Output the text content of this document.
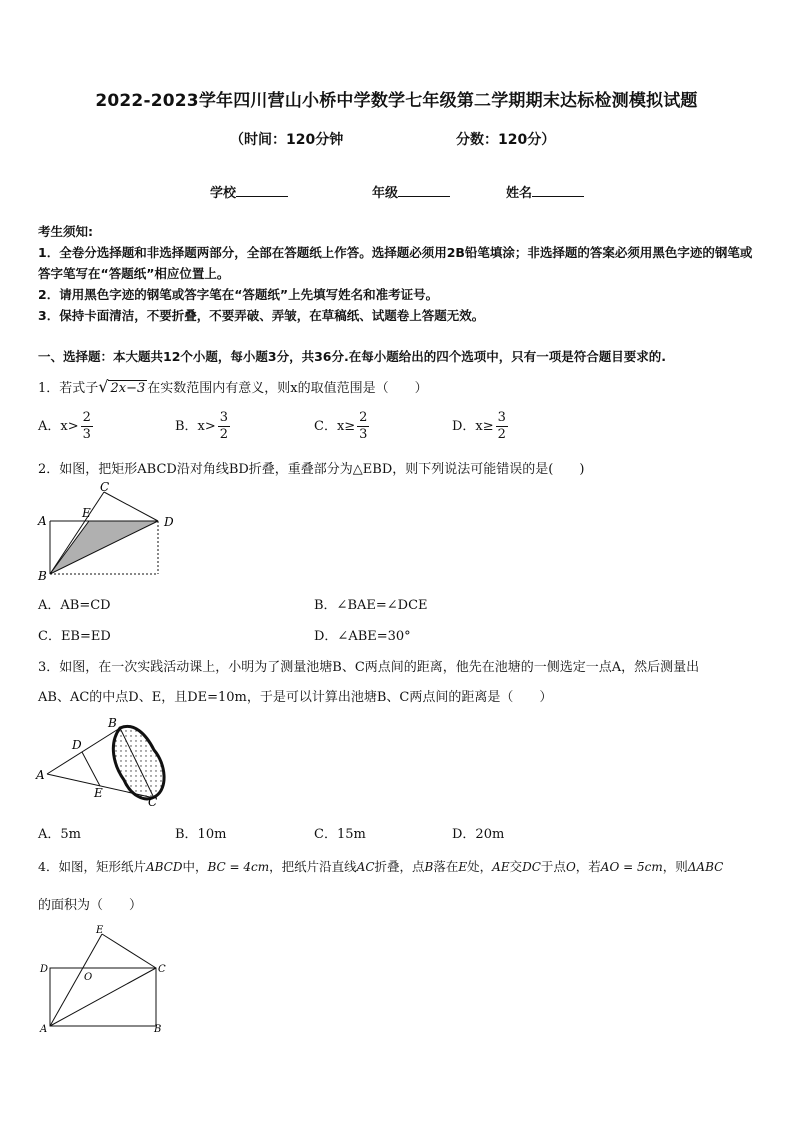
2022-2023学年四川营山小桥中学数学七年级第二学期期末达标检测模拟试题
（时间：120分钟	分数：120分）
学校	年级	姓名
考生须知:
1．全卷分选择题和非选择题两部分，全部在答题纸上作答。选择题必须用2B铅笔填涂；非选择题的答案必须用黑色字迹的钢笔或答字笔写在“答题纸”相应位置上。
2．请用黑色字迹的钢笔或答字笔在“答题纸”上先填写姓名和准考证号。
3．保持卡面清洁，不要折叠，不要弄破、弄皱，在草稿纸、试题卷上答题无效。
一、选择题：本大题共12个小题，每小题3分，共36分.在每小题给出的四个选项中，只有一项是符合题目要求的.
1．若式子√ 2x−3 在实数范围内有意义，则x的取值范围是（　　）
A．$x> \frac{2}{3}$	B．$x> \frac{3}{2}$	C．$x\ge \frac{2}{3}$	D．$x\ge \frac{3}{2}$
2．如图，把矩形ABCD沿对角线BD折叠，重叠部分为△EBD，则下列说法可能错误的是(　　)
A
B
C
D
E
A．AB=CD	B．∠BAE=∠DCE
C．EB=ED	D．∠ABE=30°
3．如图，在一次实践活动课上，小明为了测量池塘B、C两点间的距离，他先在池塘的一侧选定一点A，然后测量出
AB、AC的中点D、E，且DE=10m，于是可以计算出池塘B、C两点间的距离是（　　）
A
B
C
D
E
A．5m	B．10m	C．15m	D．20m
4．如图，矩形纸片ABCD中，BC = 4cm，把纸片沿直线AC折叠，点B落在E处，AE交DC于点O，若AO = 5cm，则ΔABC
的面积为（　　）
A	B
C
D
E
O
